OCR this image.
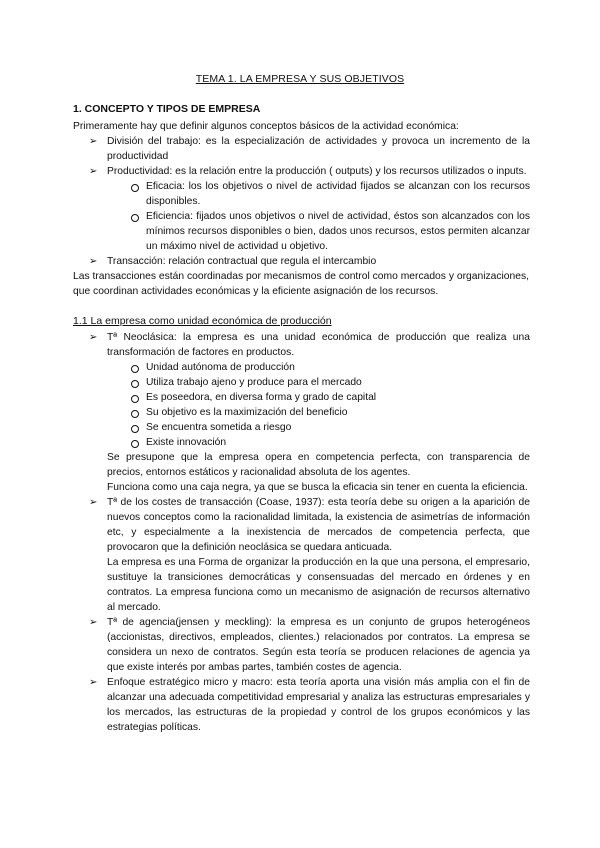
TEMA 1. LA EMPRESA Y SUS OBJETIVOS
1. CONCEPTO Y TIPOS DE EMPRESA
Primeramente hay que definir algunos conceptos básicos de la actividad económica:
➢ División del trabajo: es la especialización de actividades y provoca un incremento de la productividad
➢ Productividad: es la relación entre la producción ( outputs) y los recursos utilizados o inputs.
Eficacia: los los objetivos o nivel de actividad fijados se alcanzan con los recursos disponibles.
Eficiencia: fijados unos objetivos o nivel de actividad, éstos son alcanzados con los mínimos recursos disponibles o bien, dados unos recursos, estos permiten alcanzar un máximo nivel de actividad u objetivo.
➢ Transacción: relación contractual que regula el intercambio
Las transacciones están coordinadas por mecanismos de control como mercados y organizaciones, que coordinan actividades económicas y la eficiente asignación de los recursos.
1.1 La empresa como unidad económica de producción
➢ Tª Neoclásica: la empresa es una unidad económica de producción que realiza una transformación de factores en productos.
Unidad autónoma de producción
Utiliza trabajo ajeno y produce para el mercado
Es poseedora, en diversa forma y grado de capital
Su objetivo es la maximización del beneficio
Se encuentra sometida a riesgo
Existe innovación
Se presupone que la empresa opera en competencia perfecta, con transparencia de precios, entornos estáticos y racionalidad absoluta de los agentes.
Funciona como una caja negra, ya que se busca la eficacia sin tener en cuenta la eficiencia.
➢ Tª de los costes de transacción (Coase, 1937): esta teoría debe su origen a la aparición de nuevos conceptos como la racionalidad limitada, la existencia de asimetrías de información etc, y especialmente a la inexistencia de mercados de competencia perfecta, que provocaron que la definición neoclásica se quedara anticuada.
La empresa es una Forma de organizar la producción en la que una persona, el empresario, sustituye la transiciones democráticas y consensuadas del mercado en órdenes y en contratos. La empresa funciona como un mecanismo de asignación de recursos alternativo al mercado.
➢ Tª de agencia(jensen y meckling): la empresa es un conjunto de grupos heterogéneos (accionistas, directivos, empleados, clientes.) relacionados por contratos. La empresa se considera un nexo de contratos. Según esta teoría se producen relaciones de agencia ya que existe interés por ambas partes, también costes de agencia.
➢ Enfoque estratégico micro y macro: esta teoría aporta una visión más amplia con el fin de alcanzar una adecuada competitividad empresarial y analiza las estructuras empresariales y los mercados, las estructuras de la propiedad y control de los grupos económicos y las estrategias políticas.
